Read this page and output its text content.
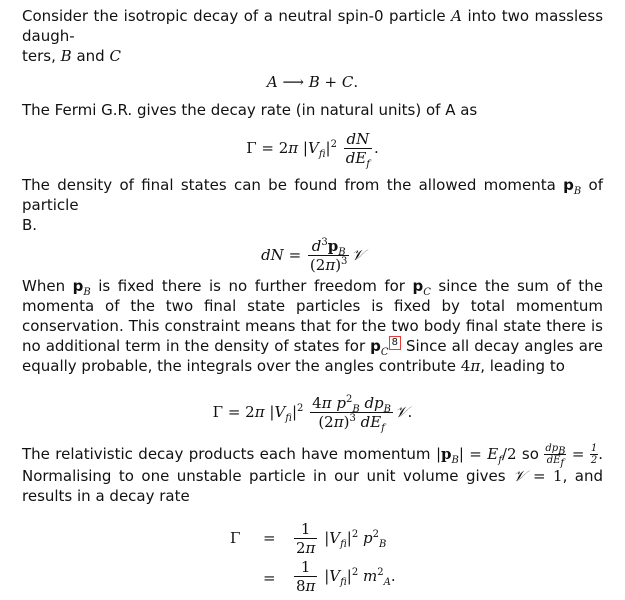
Consider the isotropic decay of a neutral spin-0 particle A into two massless daugh-
ters, B and C

A ⟶ B + C.

The Fermi G.R. gives the decay rate (in natural units) of A as

Γ = 2π $|V_{fi}|^2 \frac{dN}{dE_f}$ .

The density of final states can be found from the allowed momenta $p_B$ of particle
B.

dN = $\frac{d^3p_B}{(2\pi)^3}$ 𝒱

When $p_B$ is fixed there is no further freedom for $p_C$ since the sum of the momenta of the two final state particles is fixed by total momentum conservation. This constraint means that for the two body final state there is no additional term in the density of states for $p_C8$ Since all decay angles are equally probable, the integrals over the angles contribute 4π, leading to

Γ = 2π $|V_{fi}|^2 \frac{4\pi p^2_B dp_B}{(2\pi)^3 dE_f}$ 𝒱.

The relativistic decay products each have momentum $|p_B| = E_f/2$ so $\frac{dp_B}{dE_f} = \frac{1}{2}$ . Normalising to one unstable particle in our unit volume gives 𝒱 = 1, and results in a decay rate

$\Gamma = \frac{1}{2\pi} |V_{fi}|^2$ $p^2_B$
= $\frac{1}{8\pi} |V_{fi}|^2$ $m^2_A$.
